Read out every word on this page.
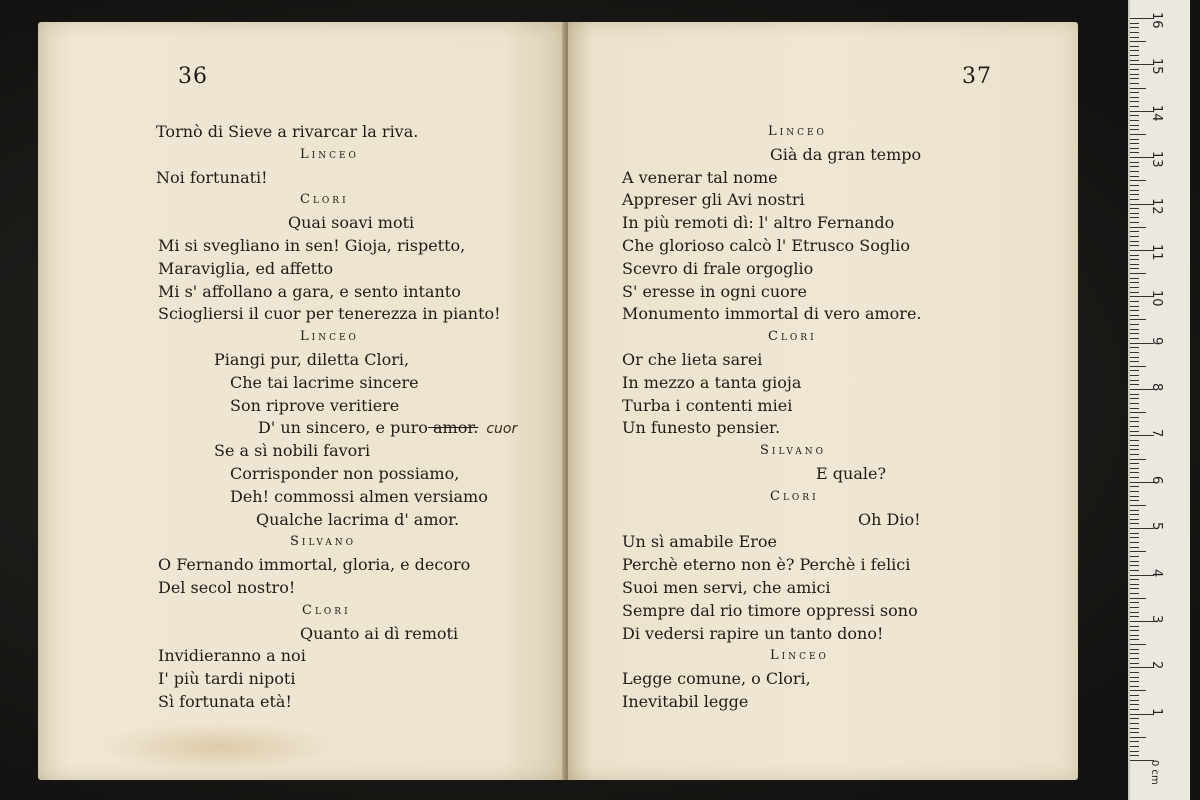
36
Tornò di Sieve a rivarcar la riva.
Linceo
Noi fortunati!
Clori
Quai soavi moti
Mi si svegliano in sen! Gioja, rispetto,
Maraviglia, ed affetto
Mi s' affollano a gara, e sento intanto
Sciogliersi il cuor per tenerezza in pianto!
Linceo
Piangi pur, diletta Clori,
Che tai lacrime sincere
Son riprove veritiere
D' un sincero, e puro amor. cuor
Se a sì nobili favori
Corrisponder non possiamo,
Deh! commossi almen versiamo
Qualche lacrima d' amor.
Silvano
O Fernando immortal, gloria, e decoro
Del secol nostro!
Clori
Quanto ai dì remoti
Invidieranno a noi
I' più tardi nipoti
Sì fortunata età!
37
Linceo
Già da gran tempo
A venerar tal nome
Appreser gli Avi nostri
In più remoti dì: l' altro Fernando
Che glorioso calcò l' Etrusco Soglio
Scevro di frale orgoglio
S' eresse in ogni cuore
Monumento immortal di vero amore.
Clori
Or che lieta sarei
In mezzo a tanta gioja
Turba i contenti miei
Un funesto pensier.
Silvano
E quale?
Clori
Oh Dio!
Un sì amabile Eroe
Perchè eterno non è? Perchè i felici
Suoi men servi, che amici
Sempre dal rio timore oppressi sono
Di vedersi rapire un tanto dono!
Linceo
Legge comune, o Clori,
Inevitabil legge
0 cm
16
15
14
13
12
11
10
9
8
7
6
5
4
3
2
1
